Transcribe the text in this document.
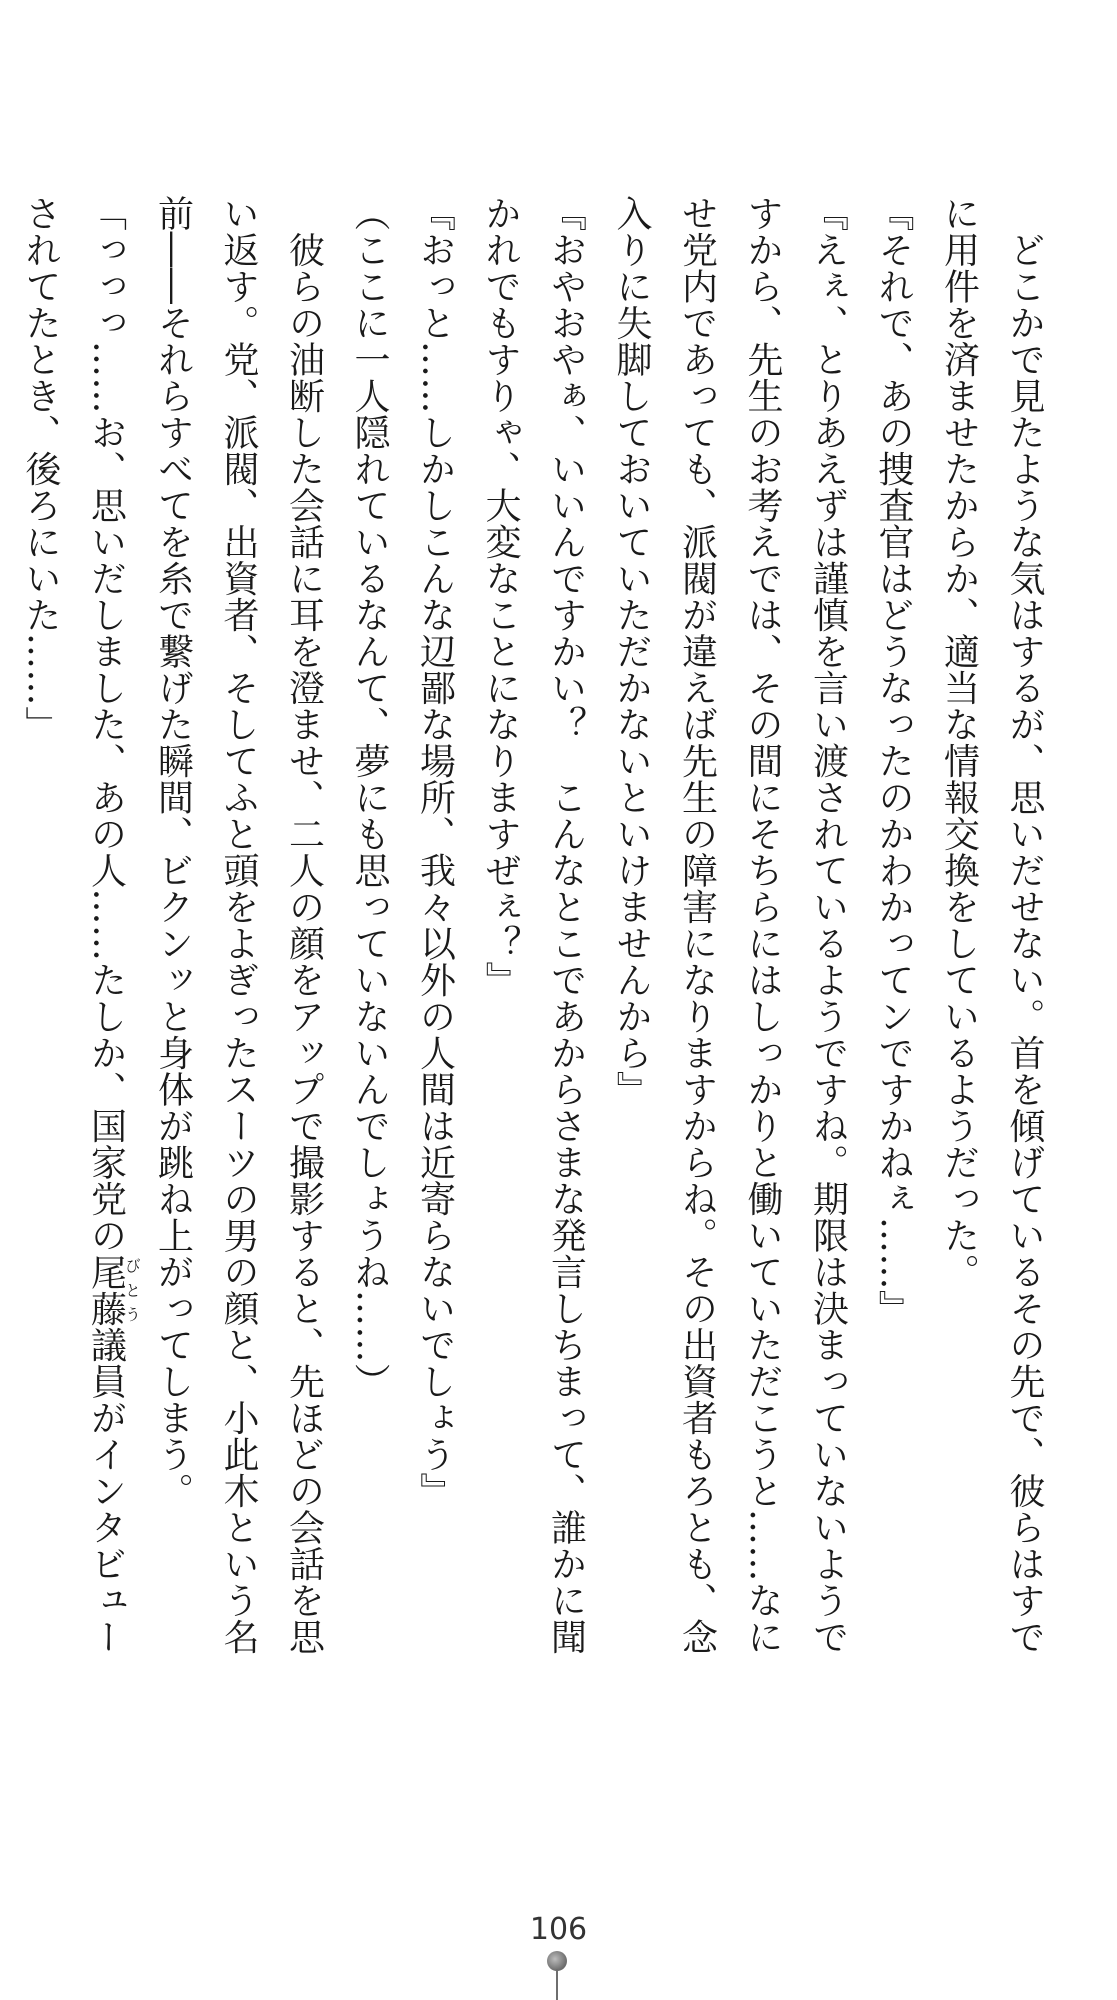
　どこかで見たような気はするが、思いだせない。首を傾げているその先で、彼らはすで
に用件を済ませたからか、適当な情報交換をしているようだった。
『それで、あの捜査官はどうなったのかわかってンですかねぇ……』
『えぇ、とりあえずは謹慎を言い渡されているようですね。期限は決まっていないようで
すから、先生のお考えでは、その間にそちらにはしっかりと働いていただこうと……なに
せ党内であっても、派閥が違えば先生の障害になりますからね。その出資者もろとも、念
入りに失脚しておいていただかないといけませんから』
『おやおやぁ、いいんですかい？　こんなとこであからさまな発言しちまって、誰かに聞
かれでもすりゃ、大変なことになりますぜぇ？』
『おっと……しかしこんな辺鄙な場所、我々以外の人間は近寄らないでしょう』
（ここに一人隠れているなんて、夢にも思っていないんでしょうね……）
　彼らの油断した会話に耳を澄ませ、二人の顔をアップで撮影すると、先ほどの会話を思
い返す。党、派閥、出資者、そしてふと頭をよぎったスーツの男の顔と、小此木という名
前――それらすべてを糸で繋げた瞬間、ビクンッと身体が跳ね上がってしまう。
「っっっ……お、思いだしました、あの人……たしか、国家党の尾藤びとう議員がインタビュー
されてたとき、後ろにいた……」
106
